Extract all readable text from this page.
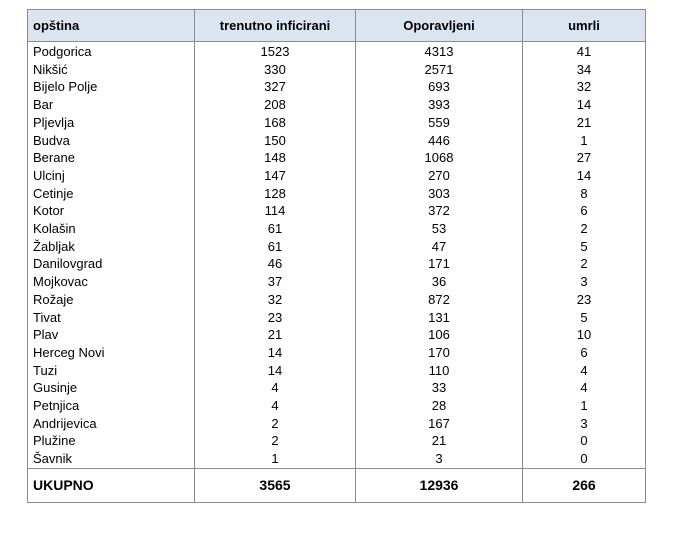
opština	trenutno inficirani	Oporavljeni	umrli
Podgorica	1523	4313	41
Nikšić	330	2571	34
Bijelo Polje	327	693	32
Bar	208	393	14
Pljevlja	168	559	21
Budva	150	446	1
Berane	148	1068	27
Ulcinj	147	270	14
Cetinje	128	303	8
Kotor	114	372	6
Kolašin	61	53	2
Žabljak	61	47	5
Danilovgrad	46	171	2
Mojkovac	37	36	3
Rožaje	32	872	23
Tivat	23	131	5
Plav	21	106	10
Herceg Novi	14	170	6
Tuzi	14	110	4
Gusinje	4	33	4
Petnjica	4	28	1
Andrijevica	2	167	3
Plužine	2	21	0
Šavnik	1	3	0
UKUPNO	3565	12936	266
